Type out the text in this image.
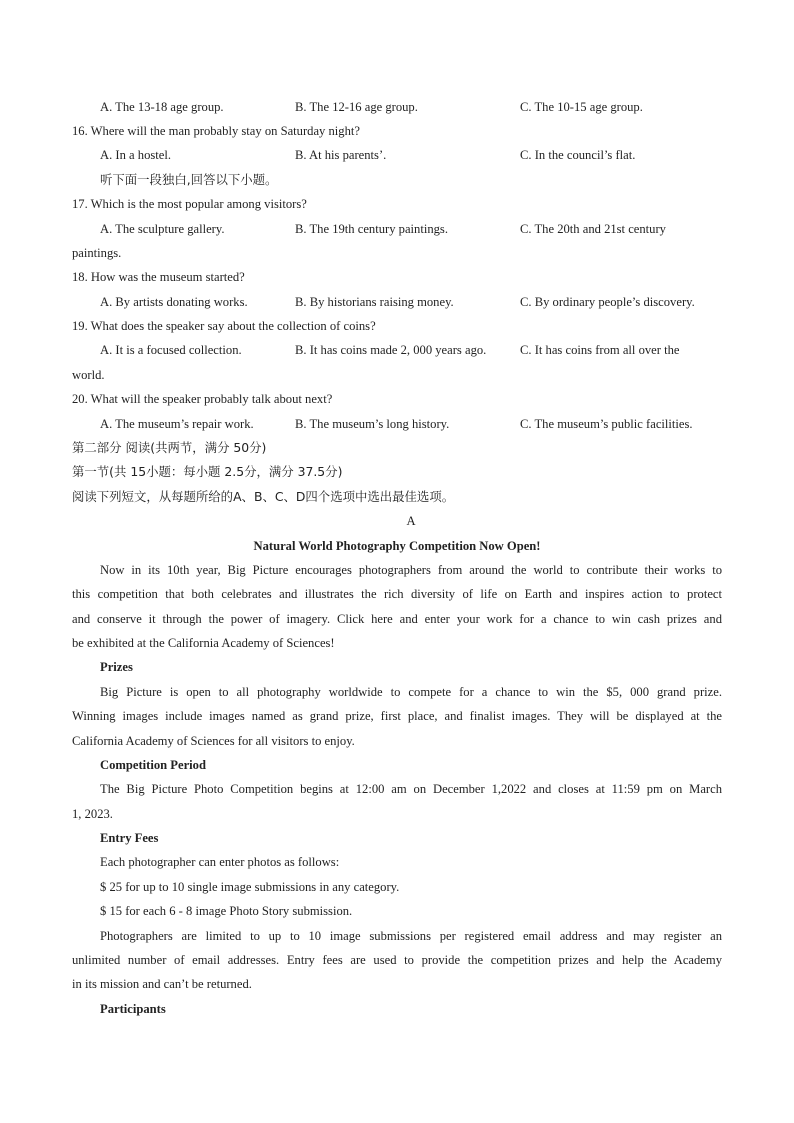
A. The 13-18 age group.	B. The 12-16 age group.	C. The 10-15 age group.
16. Where will the man probably stay on Saturday night?
A. In a hostel.	B. At his parents’.	C. In the council’s flat.
听下面一段独白,回答以下小题。
17. Which is the most popular among visitors?
A. The sculpture gallery.	B. The 19th century paintings.	C. The 20th and 21st century
paintings.
18. How was the museum started?
A. By artists donating works.	B. By historians raising money.	C. By ordinary people’s discovery.
19. What does the speaker say about the collection of coins?
A. It is a focused collection.	B. It has coins made 2, 000 years ago.	C. It has coins from all over the
world.
20. What will the speaker probably talk about next?
A. The museum’s repair work.	B. The museum’s long history.	C. The museum’s public facilities.
第二部分 阅读(共两节，满分 50分)
第一节(共 15小题：每小题 2.5分，满分 37.5分)
阅读下列短文，从每题所给的A、B、C、D四个选项中选出最佳选项。
A
Natural World Photography Competition Now Open!
Now in its 10th year, Big Picture encourages photographers from around the world to contribute their works to
this competition that both celebrates and illustrates the rich diversity of life on Earth and inspires action to protect
and conserve it through the power of imagery. Click here and enter your work for a chance to win cash prizes and
be exhibited at the California Academy of Sciences!
Prizes
Big Picture is open to all photography worldwide to compete for a chance to win the $5, 000 grand prize.
Winning images include images named as grand prize, first place, and finalist images. They will be displayed at the
California Academy of Sciences for all visitors to enjoy.
Competition Period
The Big Picture Photo Competition begins at 12:00 am on December 1,2022 and closes at 11:59 pm on March
1, 2023.
Entry Fees
Each photographer can enter photos as follows:
$ 25 for up to 10 single image submissions in any category.
$ 15 for each 6 - 8 image Photo Story submission.
Photographers are limited to up to 10 image submissions per registered email address and may register an
unlimited number of email addresses. Entry fees are used to provide the competition prizes and help the Academy
in its mission and can’t be returned.
Participants
